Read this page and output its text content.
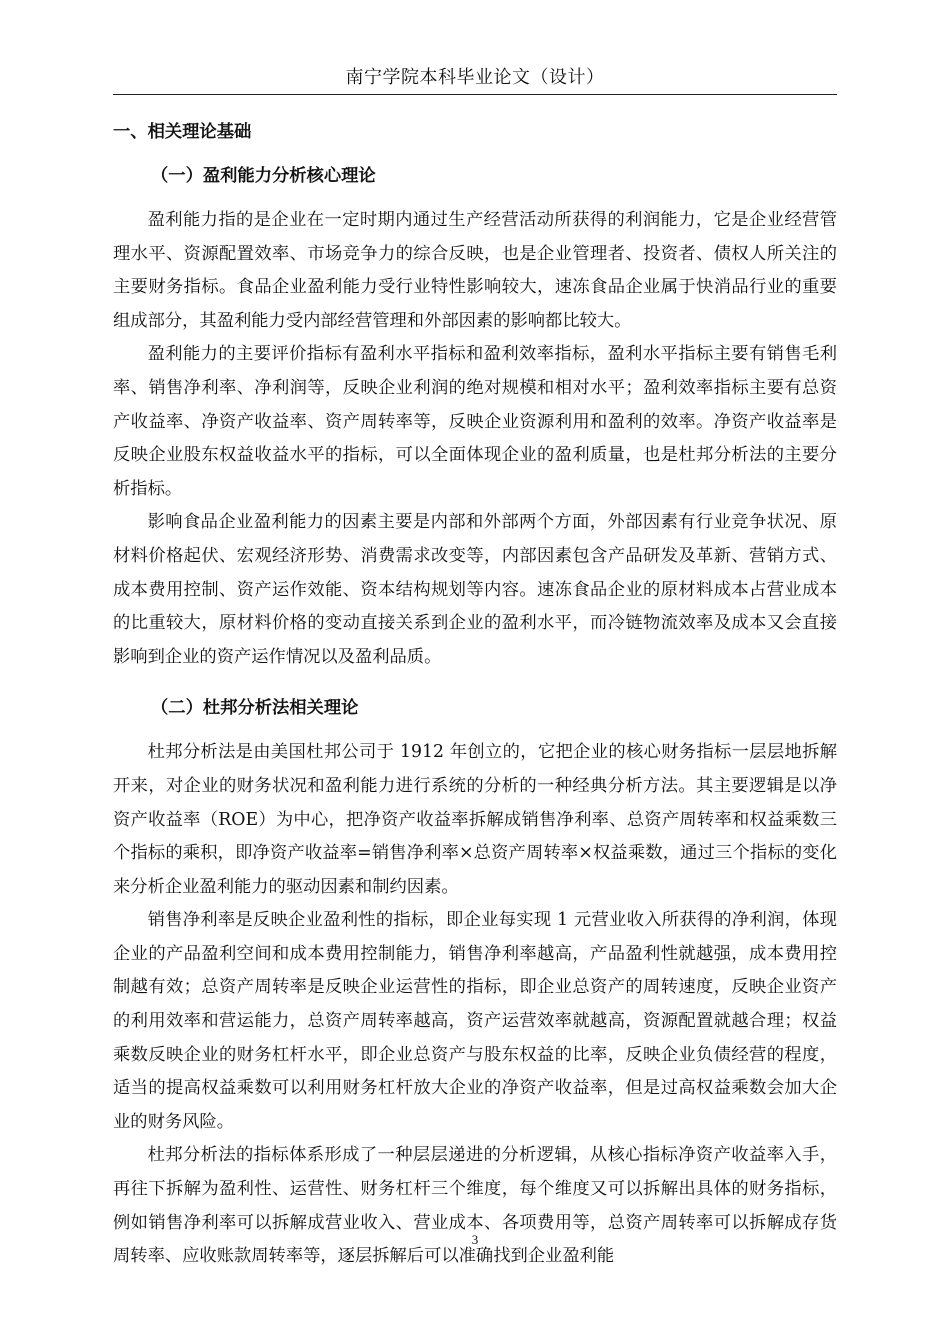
南宁学院本科毕业论文（设计）
一、相关理论基础
（一）盈利能力分析核心理论

盈利能力指的是企业在一定时期内通过生产经营活动所获得的利润能力，它是企业经营管理水平、资源配置效率、市场竞争力的综合反映，也是企业管理者、投资者、债权人所关注的主要财务指标。食品企业盈利能力受行业特性影响较大，速冻食品企业属于快消品行业的重要组成部分，其盈利能力受内部经营管理和外部因素的影响都比较大。

盈利能力的主要评价指标有盈利水平指标和盈利效率指标，盈利水平指标主要有销售毛利率、销售净利率、净利润等，反映企业利润的绝对规模和相对水平；盈利效率指标主要有总资产收益率、净资产收益率、资产周转率等，反映企业资源利用和盈利的效率。净资产收益率是反映企业股东权益收益水平的指标，可以全面体现企业的盈利质量，也是杜邦分析法的主要分析指标。

影响食品企业盈利能力的因素主要是内部和外部两个方面，外部因素有行业竞争状况、原材料价格起伏、宏观经济形势、消费需求改变等，内部因素包含产品研发及革新、营销方式、成本费用控制、资产运作效能、资本结构规划等内容。速冻食品企业的原材料成本占营业成本的比重较大，原材料价格的变动直接关系到企业的盈利水平，而冷链物流效率及成本又会直接影响到企业的资产运作情况以及盈利品质。

（二）杜邦分析法相关理论

杜邦分析法是由美国杜邦公司于 1912 年创立的，它把企业的核心财务指标一层层地拆解开来，对企业的财务状况和盈利能力进行系统的分析的一种经典分析方法。其主要逻辑是以净资产收益率（ROE）为中心，把净资产收益率拆解成销售净利率、总资产周转率和权益乘数三个指标的乘积，即净资产收益率=销售净利率×总资产周转率×权益乘数，通过三个指标的变化来分析企业盈利能力的驱动因素和制约因素。

销售净利率是反映企业盈利性的指标，即企业每实现 1 元营业收入所获得的净利润，体现企业的产品盈利空间和成本费用控制能力，销售净利率越高，产品盈利性就越强，成本费用控制越有效；总资产周转率是反映企业运营性的指标，即企业总资产的周转速度，反映企业资产的利用效率和营运能力，总资产周转率越高，资产运营效率就越高，资源配置就越合理；权益乘数反映企业的财务杠杆水平，即企业总资产与股东权益的比率，反映企业负债经营的程度，适当的提高权益乘数可以利用财务杠杆放大企业的净资产收益率，但是过高权益乘数会加大企业的财务风险。

杜邦分析法的指标体系形成了一种层层递进的分析逻辑，从核心指标净资产收益率入手，再往下拆解为盈利性、运营性、财务杠杆三个维度，每个维度又可以拆解出具体的财务指标，例如销售净利率可以拆解成营业收入、营业成本、各项费用等，总资产周转率可以拆解成存货周转率、应收账款周转率等，逐层拆解后可以准确找到企业盈利能

3
